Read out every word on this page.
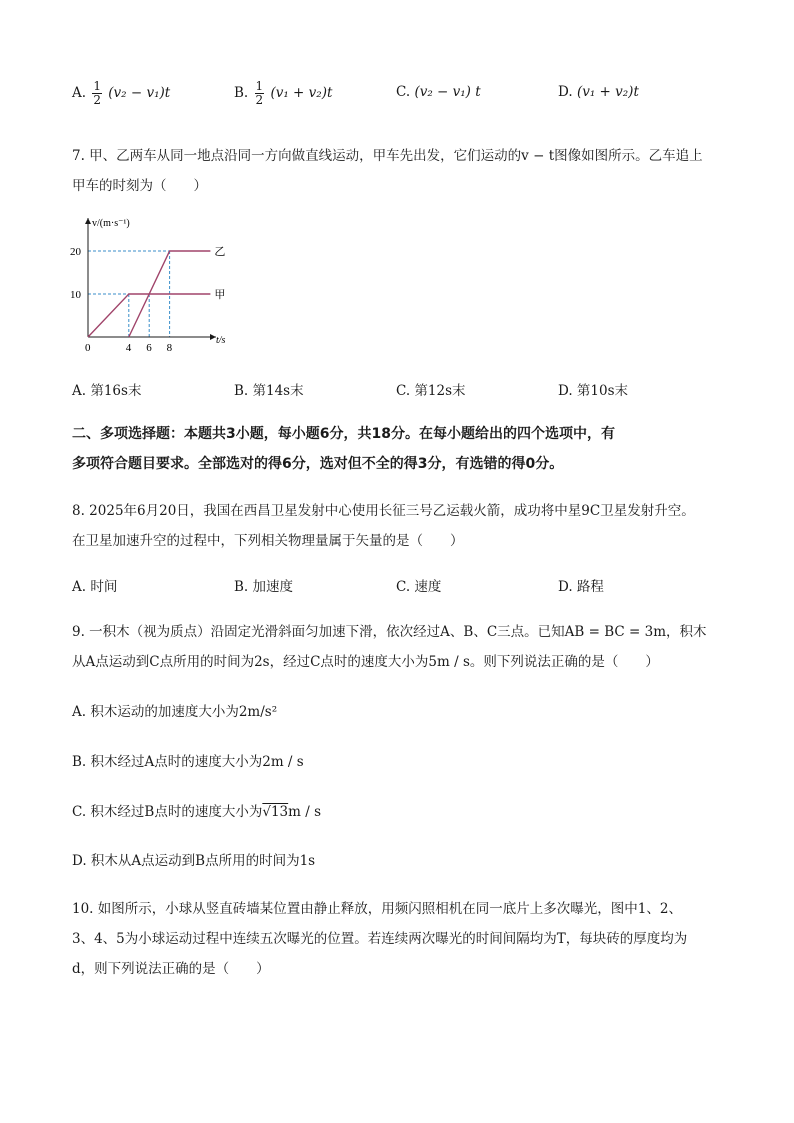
A. $\frac{1}{2} (v_2 - v_1)t$	B. $\frac{1}{2} (v_1 + v_2)t$	C. (v₂ − v₁) t	D. (v₁ + v₂)t
7. 甲、乙两车从同一地点沿同一方向做直线运动，甲车先出发，它们运动的v − t图像如图所示。乙车追上
甲车的时刻为（　　）
v/(m·s⁻¹)
t/s
0	4 6 8
10
20
甲
乙
A. 第16s末	B. 第14s末	C. 第12s末	D. 第10s末
二、多项选择题：本题共3小题，每小题6分，共18分。在每小题给出的四个选项中，有
多项符合题目要求。全部选对的得6分，选对但不全的得3分，有选错的得0分。
8. 2025年6月20日，我国在西昌卫星发射中心使用长征三号乙运载火箭，成功将中星9C卫星发射升空。
在卫星加速升空的过程中，下列相关物理量属于矢量的是（　　）
A. 时间	B. 加速度	C. 速度	D. 路程
9. 一积木（视为质点）沿固定光滑斜面匀加速下滑，依次经过A、B、C三点。已知AB = BC = 3m，积木
从A点运动到C点所用的时间为2s，经过C点时的速度大小为5m / s。则下列说法正确的是（　　）
A. 积木运动的加速度大小为2m/s²
B. 积木经过A点时的速度大小为2m / s
C. 积木经过B点时的速度大小为√13m / s
D. 积木从A点运动到B点所用的时间为1s
10. 如图所示，小球从竖直砖墙某位置由静止释放，用频闪照相机在同一底片上多次曝光，图中1、2、
3、4、5为小球运动过程中连续五次曝光的位置。若连续两次曝光的时间间隔均为T，每块砖的厚度均为
d，则下列说法正确的是（　　）
